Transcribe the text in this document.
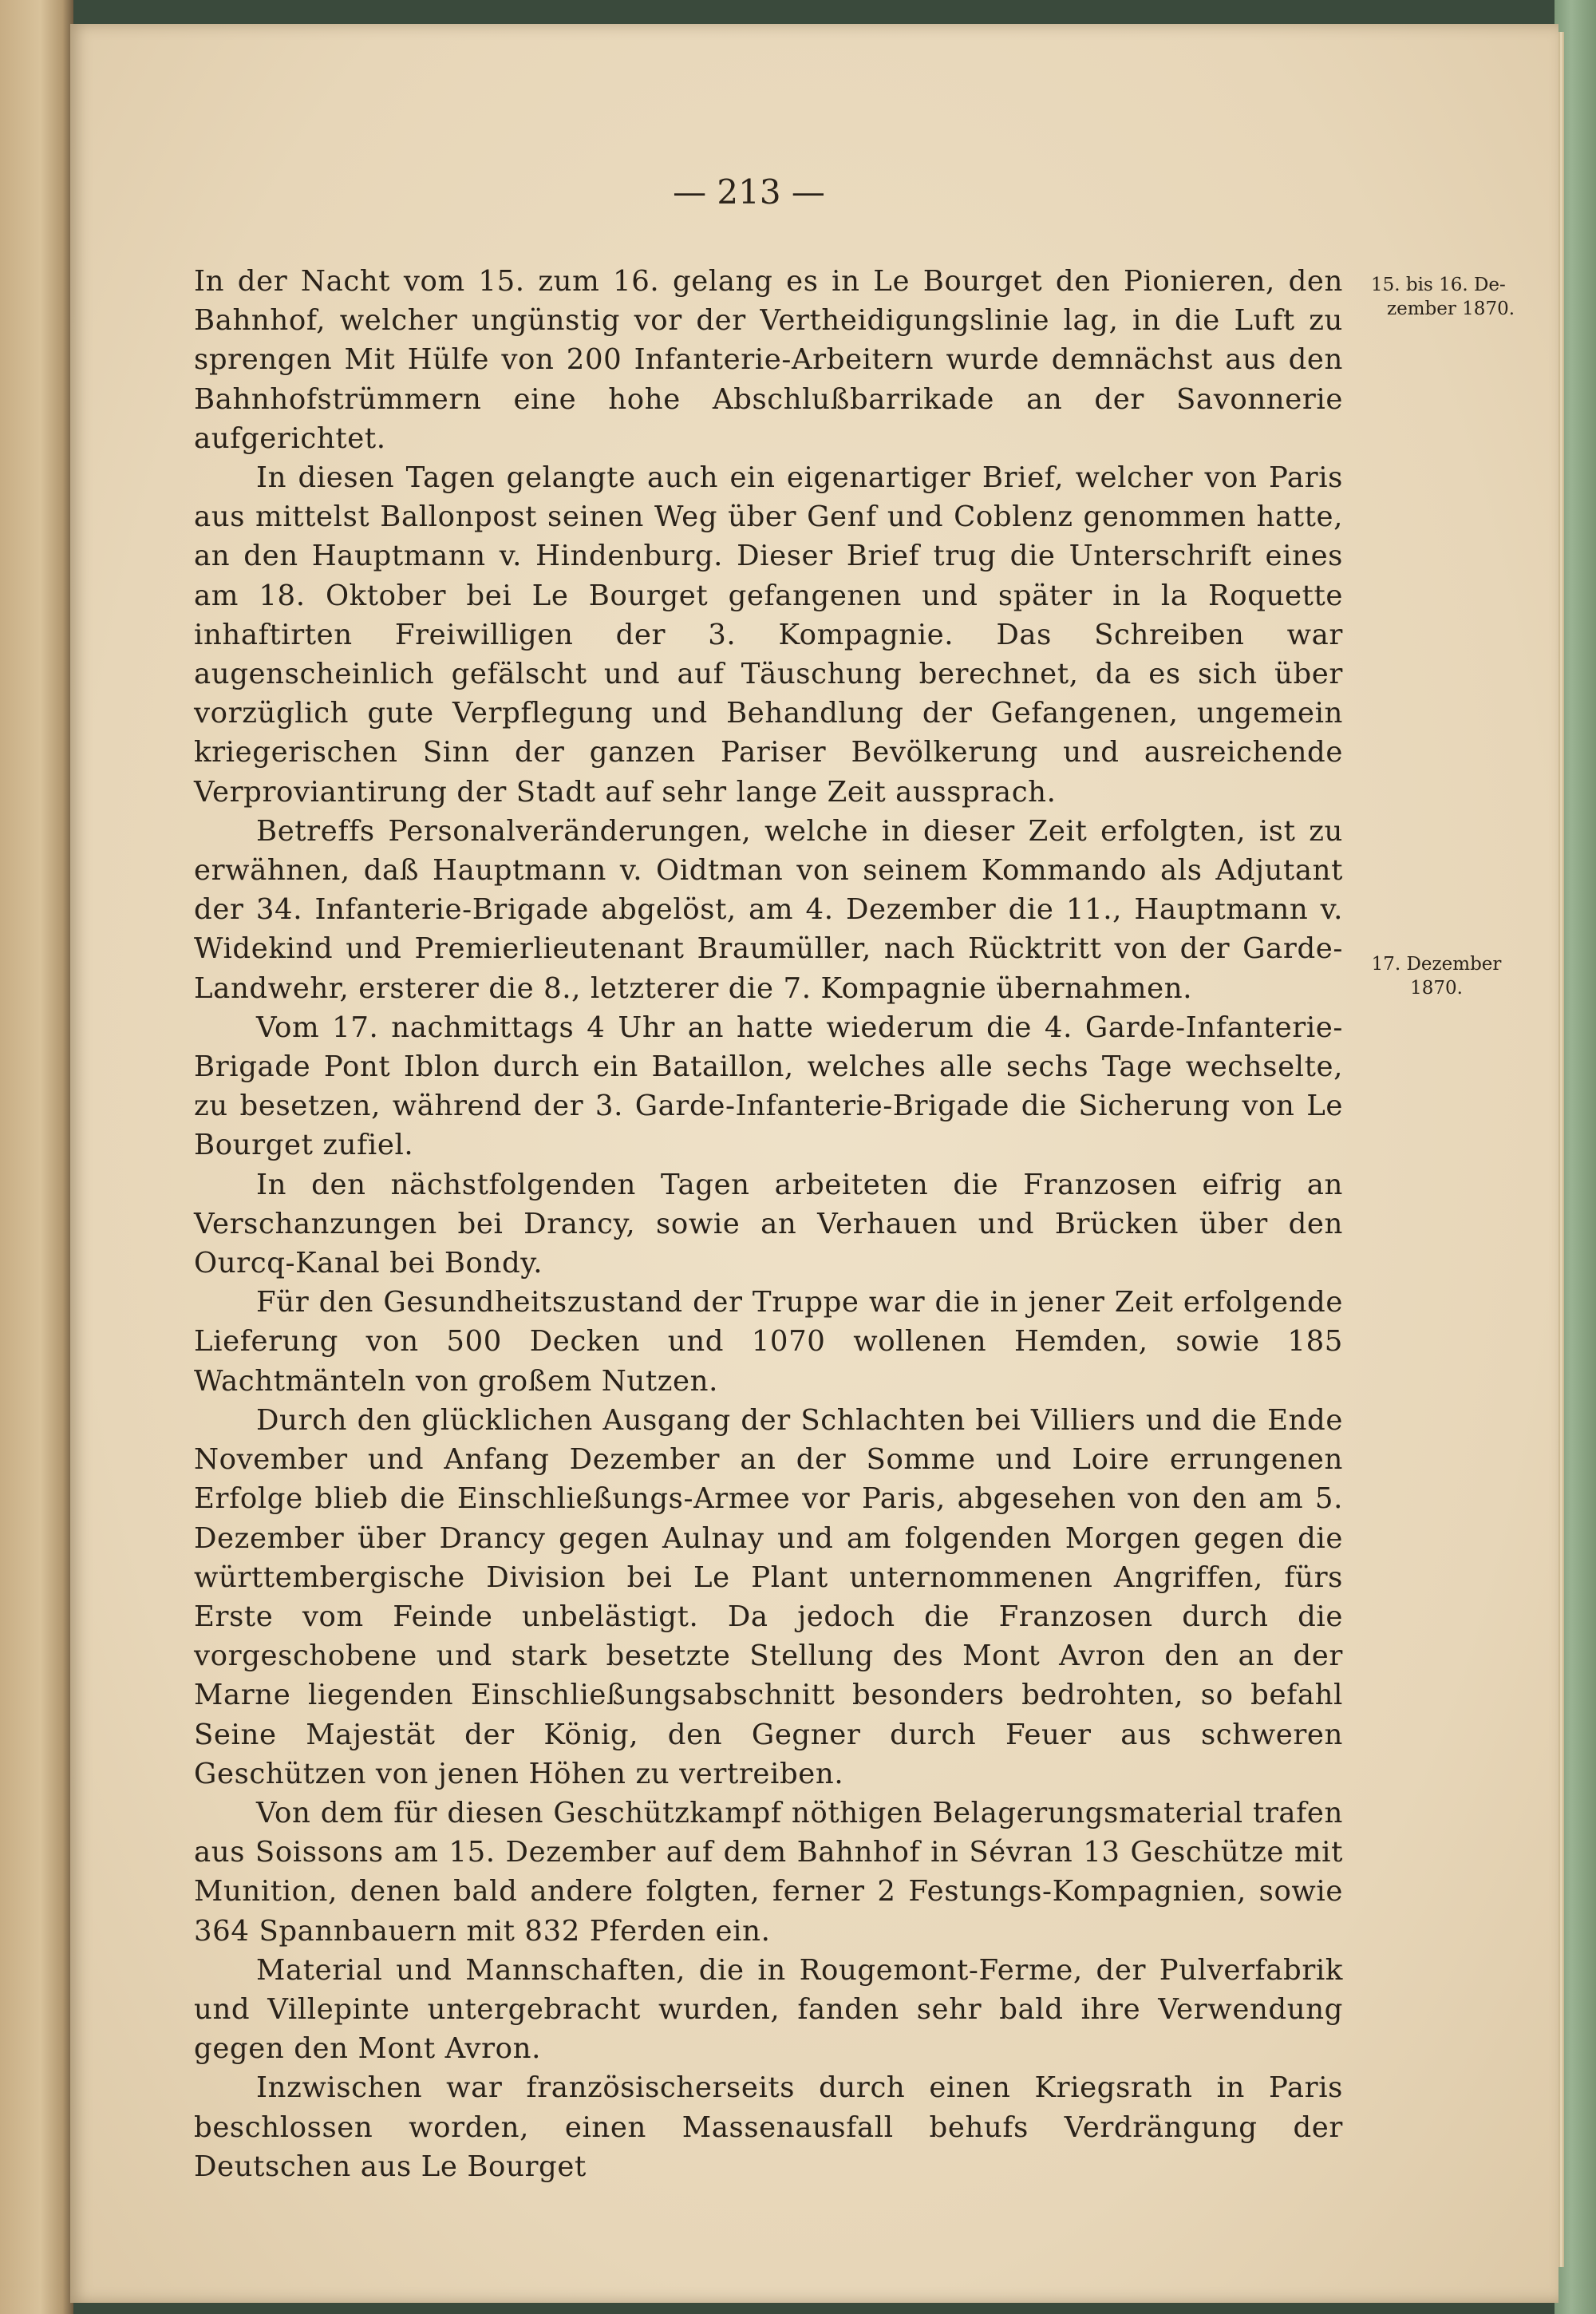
— 213 —
15. bis 16. De-
zember 1870.
17. Dezember
1870.

In der Nacht vom 15. zum 16. gelang es in Le Bourget den Pionieren, den Bahnhof, welcher ungünstig vor der Vertheidigungslinie lag, in die Luft zu sprengen Mit Hülfe von 200 Infanterie-Arbeitern wurde demnächst aus den Bahnhofstrümmern eine hohe Abschlußbarrikade an der Savonnerie aufgerichtet.

In diesen Tagen gelangte auch ein eigenartiger Brief, welcher von Paris aus mittelst Ballonpost seinen Weg über Genf und Coblenz genommen hatte, an den Hauptmann v. Hindenburg. Dieser Brief trug die Unterschrift eines am 18. Oktober bei Le Bourget gefangenen und später in la Roquette inhaftirten Freiwilligen der 3. Kompagnie. Das Schreiben war augenscheinlich gefälscht und auf Täuschung berechnet, da es sich über vorzüglich gute Verpflegung und Behandlung der Gefangenen, ungemein kriegerischen Sinn der ganzen Pariser Bevölkerung und ausreichende Verproviantirung der Stadt auf sehr lange Zeit aussprach.

Betreffs Personalveränderungen, welche in dieser Zeit erfolgten, ist zu erwähnen, daß Hauptmann v. Oidtman von seinem Kommando als Adjutant der 34. Infanterie-Brigade abgelöst, am 4. Dezember die 11., Hauptmann v. Widekind und Premierlieutenant Braumüller, nach Rücktritt von der Garde-Landwehr, ersterer die 8., letzterer die 7. Kompagnie übernahmen.

Vom 17. nachmittags 4 Uhr an hatte wiederum die 4. Garde-Infanterie-Brigade Pont Iblon durch ein Bataillon, welches alle sechs Tage wechselte, zu besetzen, während der 3. Garde-Infanterie-Brigade die Sicherung von Le Bourget zufiel.

In den nächstfolgenden Tagen arbeiteten die Franzosen eifrig an Verschanzungen bei Drancy, sowie an Verhauen und Brücken über den Ourcq-Kanal bei Bondy.

Für den Gesundheitszustand der Truppe war die in jener Zeit erfolgende Lieferung von 500 Decken und 1070 wollenen Hemden, sowie 185 Wachtmänteln von großem Nutzen.

Durch den glücklichen Ausgang der Schlachten bei Villiers und die Ende November und Anfang Dezember an der Somme und Loire errungenen Erfolge blieb die Einschließungs-Armee vor Paris, abgesehen von den am 5. Dezember über Drancy gegen Aulnay und am folgenden Morgen gegen die württembergische Division bei Le Plant unternommenen Angriffen, fürs Erste vom Feinde unbelästigt. Da jedoch die Franzosen durch die vorgeschobene und stark besetzte Stellung des Mont Avron den an der Marne liegenden Einschließungsabschnitt besonders bedrohten, so befahl Seine Majestät der König, den Gegner durch Feuer aus schweren Geschützen von jenen Höhen zu vertreiben.

Von dem für diesen Geschützkampf nöthigen Belagerungsmaterial trafen aus Soissons am 15. Dezember auf dem Bahnhof in Sévran 13 Geschütze mit Munition, denen bald andere folgten, ferner 2 Festungs-Kompagnien, sowie 364 Spannbauern mit 832 Pferden ein.

Material und Mannschaften, die in Rougemont-Ferme, der Pulverfabrik und Villepinte untergebracht wurden, fanden sehr bald ihre Verwendung gegen den Mont Avron.

Inzwischen war französischerseits durch einen Kriegsrath in Paris beschlossen worden, einen Massenausfall behufs Verdrängung der Deutschen aus Le Bourget
